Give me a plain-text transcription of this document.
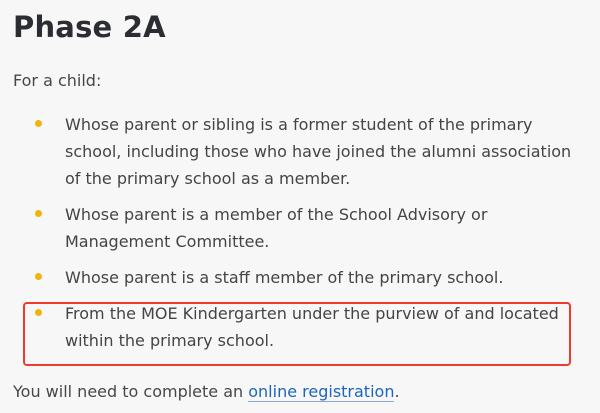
Phase 2A

For a child:

Whose parent or sibling is a former student of the primary school, including those who have joined the alumni association of the primary school as a member.
Whose parent is a member of the School Advisory or Management Committee.
Whose parent is a staff member of the primary school.
From the MOE Kindergarten under the purview of and located within the primary school.

You will need to complete an online registration.
